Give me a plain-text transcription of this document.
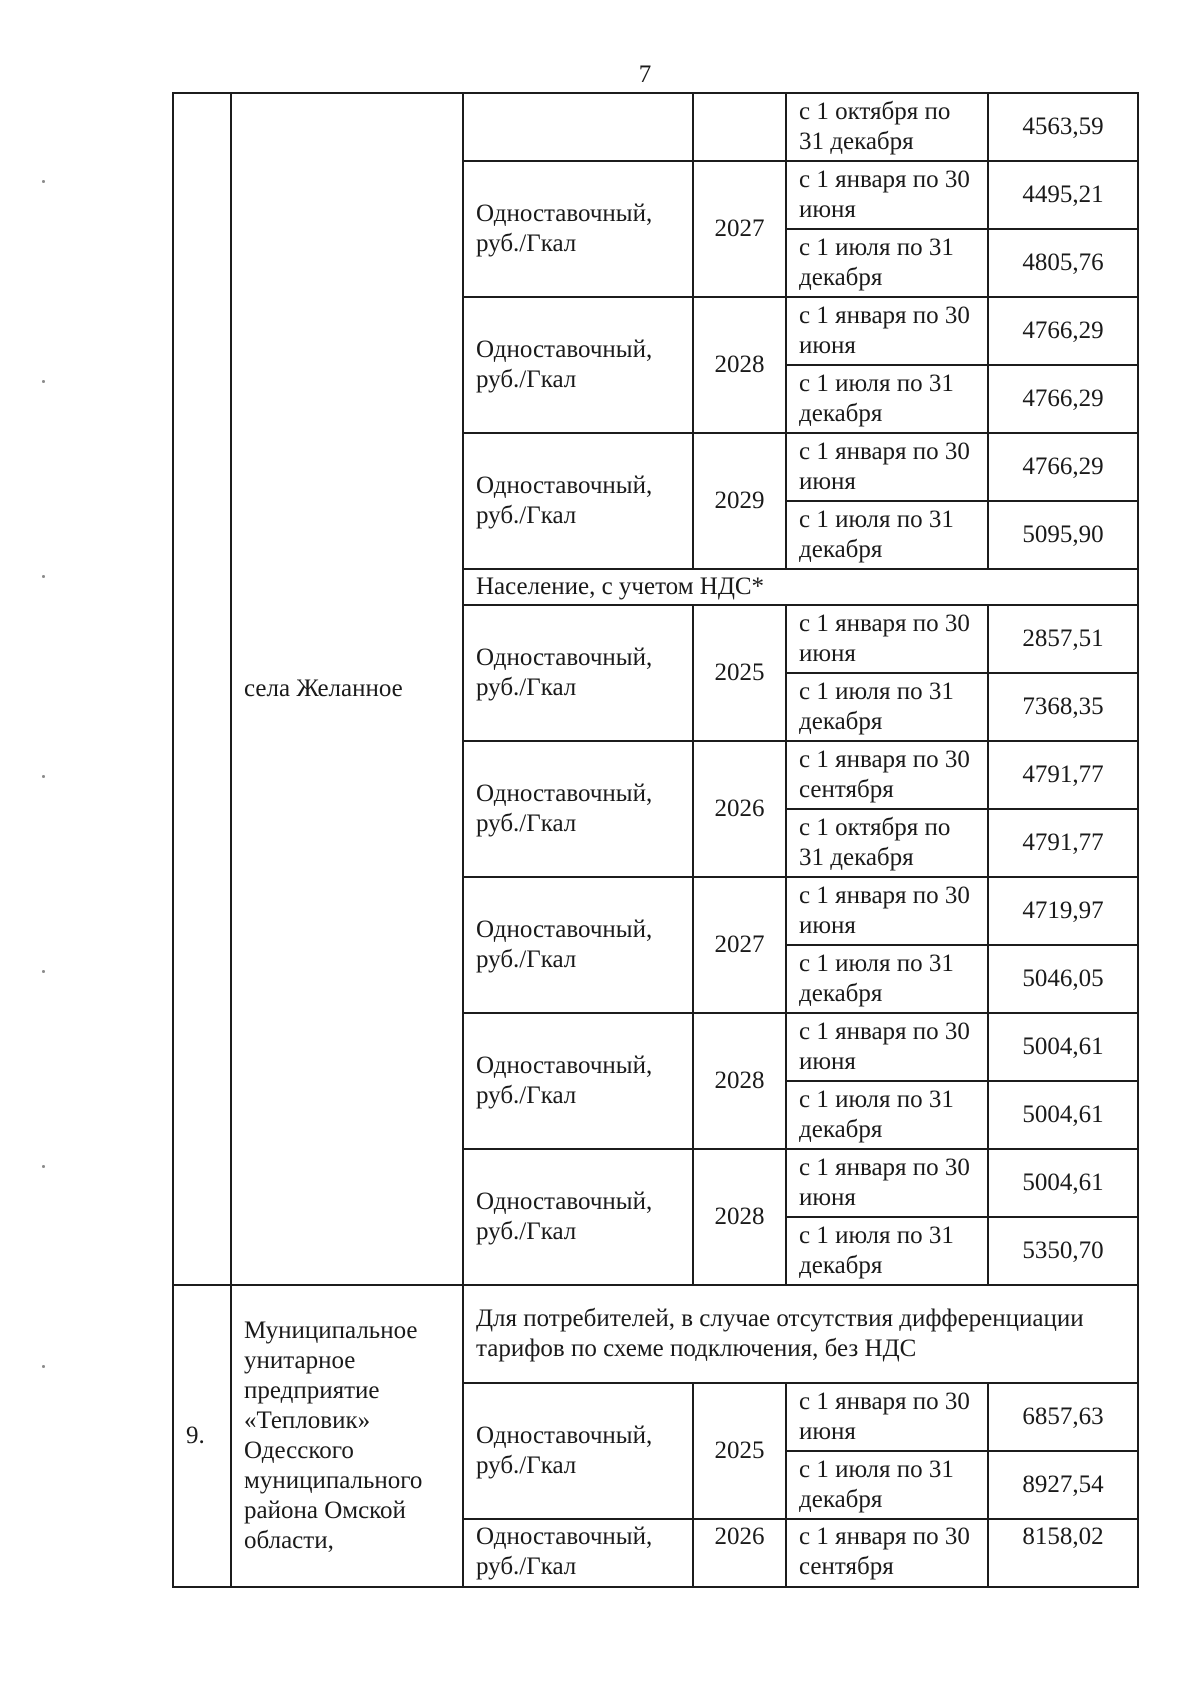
7
	села Желанное			с 1 октября по 31 декабря	4563,59
		Одноставочный, руб./Гкал	2027	с 1 января по 30 июня	4495,21
				с 1 июля по 31 декабря	4805,76
		Одноставочный, руб./Гкал	2028	с 1 января по 30 июня	4766,29
				с 1 июля по 31 декабря	4766,29
		Одноставочный, руб./Гкал	2029	с 1 января по 30 июня	4766,29
				с 1 июля по 31 декабря	5095,90
		Население, с учетом НДС*			
		Одноставочный, руб./Гкал	2025	с 1 января по 30 июня	2857,51
				с 1 июля по 31 декабря	7368,35
		Одноставочный, руб./Гкал	2026	с 1 января по 30 сентября	4791,77
				с 1 октября по 31 декабря	4791,77
		Одноставочный, руб./Гкал	2027	с 1 января по 30 июня	4719,97
				с 1 июля по 31 декабря	5046,05
		Одноставочный, руб./Гкал	2028	с 1 января по 30 июня	5004,61
				с 1 июля по 31 декабря	5004,61
		Одноставочный, руб./Гкал	2028	с 1 января по 30 июня	5004,61
				с 1 июля по 31 декабря	5350,70
9.	Муниципальное унитарное предприятие «Тепловик» Одесского муниципального района Омской области,	Для потребителей, в случае отсутствия дифференциации тарифов по схеме подключения, без НДС			
		Одноставочный, руб./Гкал	2025	с 1 января по 30 июня	6857,63
				с 1 июля по 31 декабря	8927,54
		Одноставочный, руб./Гкал	2026	с 1 января по 30 сентября	8158,02
